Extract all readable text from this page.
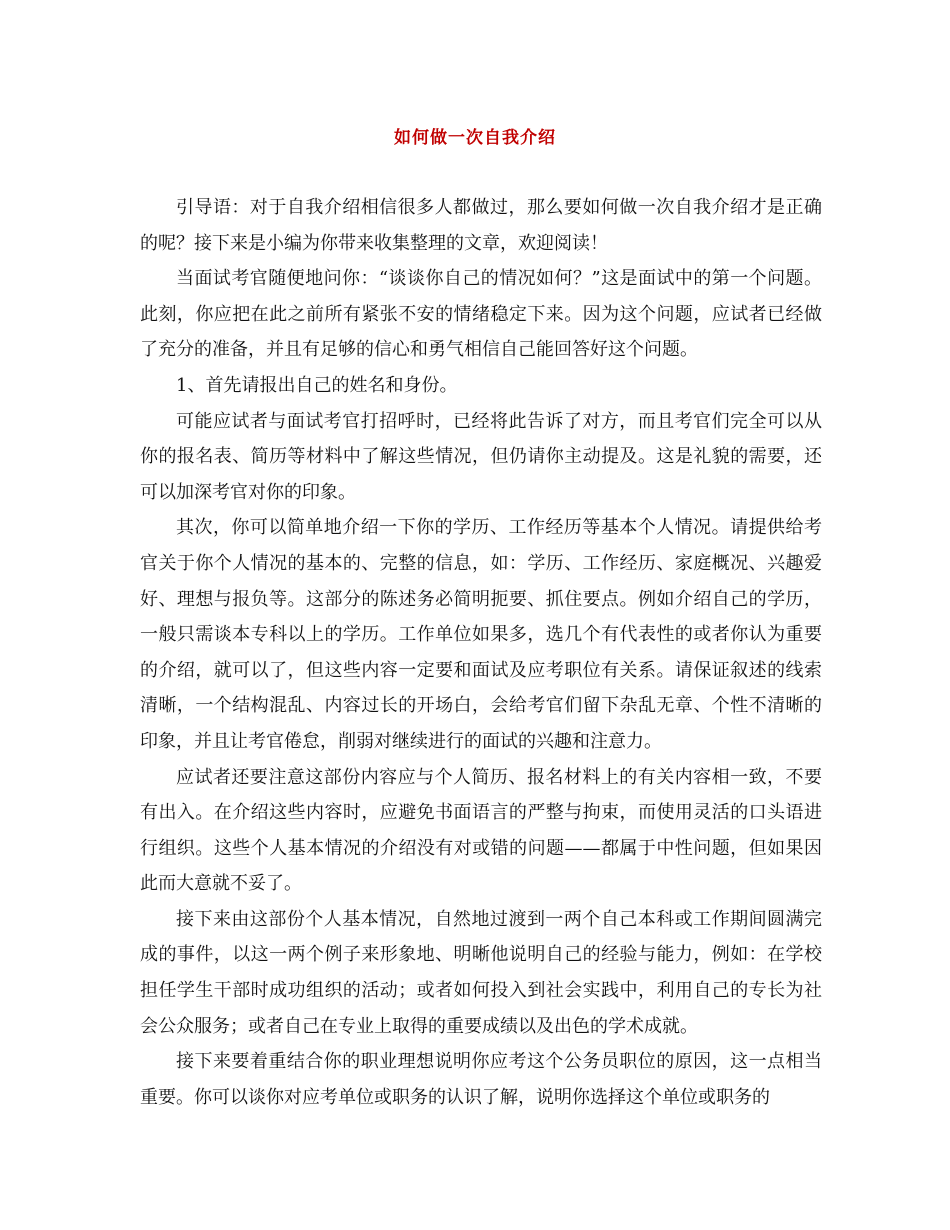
如何做一次自我介绍

引导语：对于自我介绍相信很多人都做过，那么要如何做一次自我介绍才是正确的呢？接下来是小编为你带来收集整理的文章，欢迎阅读！

当面试考官随便地问你：“谈谈你自己的情况如何？”这是面试中的第一个问题。此刻，你应把在此之前所有紧张不安的情绪稳定下来。因为这个问题，应试者已经做了充分的准备，并且有足够的信心和勇气相信自己能回答好这个问题。

1、首先请报出自己的姓名和身份。

可能应试者与面试考官打招呼时，已经将此告诉了对方，而且考官们完全可以从你的报名表、简历等材料中了解这些情况，但仍请你主动提及。这是礼貌的需要，还可以加深考官对你的印象。

其次，你可以简单地介绍一下你的学历、工作经历等基本个人情况。请提供给考官关于你个人情况的基本的、完整的信息，如：学历、工作经历、家庭概况、兴趣爱好、理想与报负等。这部分的陈述务必简明扼要、抓住要点。例如介绍自己的学历，一般只需谈本专科以上的学历。工作单位如果多，选几个有代表性的或者你认为重要的介绍，就可以了，但这些内容一定要和面试及应考职位有关系。请保证叙述的线索清晰，一个结构混乱、内容过长的开场白，会给考官们留下杂乱无章、个性不清晰的印象，并且让考官倦怠，削弱对继续进行的面试的兴趣和注意力。

应试者还要注意这部份内容应与个人简历、报名材料上的有关内容相一致，不要有出入。在介绍这些内容时，应避免书面语言的严整与拘束，而使用灵活的口头语进行组织。这些个人基本情况的介绍没有对或错的问题——都属于中性问题，但如果因此而大意就不妥了。

接下来由这部份个人基本情况，自然地过渡到一两个自己本科或工作期间圆满完成的事件，以这一两个例子来形象地、明晰他说明自己的经验与能力，例如：在学校担任学生干部时成功组织的活动；或者如何投入到社会实践中，利用自己的专长为社会公众服务；或者自己在专业上取得的重要成绩以及出色的学术成就。

接下来要着重结合你的职业理想说明你应考这个公务员职位的原因，这一点相当重要。你可以谈你对应考单位或职务的认识了解，说明你选择这个单位或职务的
